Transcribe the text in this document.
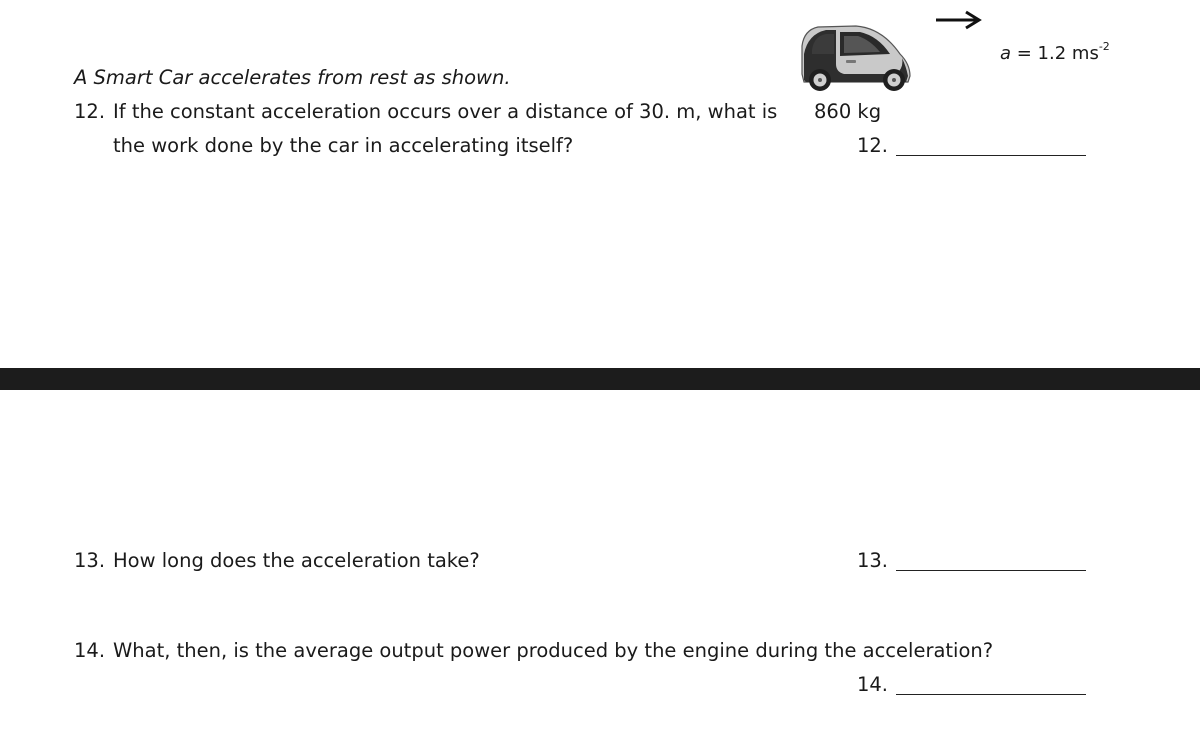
A Smart Car accelerates from rest as shown.
12. If the constant acceleration occurs over a distance of 30. m, what is
the work done by the car in accelerating itself?
860 kg
a = 1.2 $ms^{-2}$
12.
13. How long does the acceleration take?	13.
14. What, then, is the average output power produced by the engine during the acceleration?
14.
